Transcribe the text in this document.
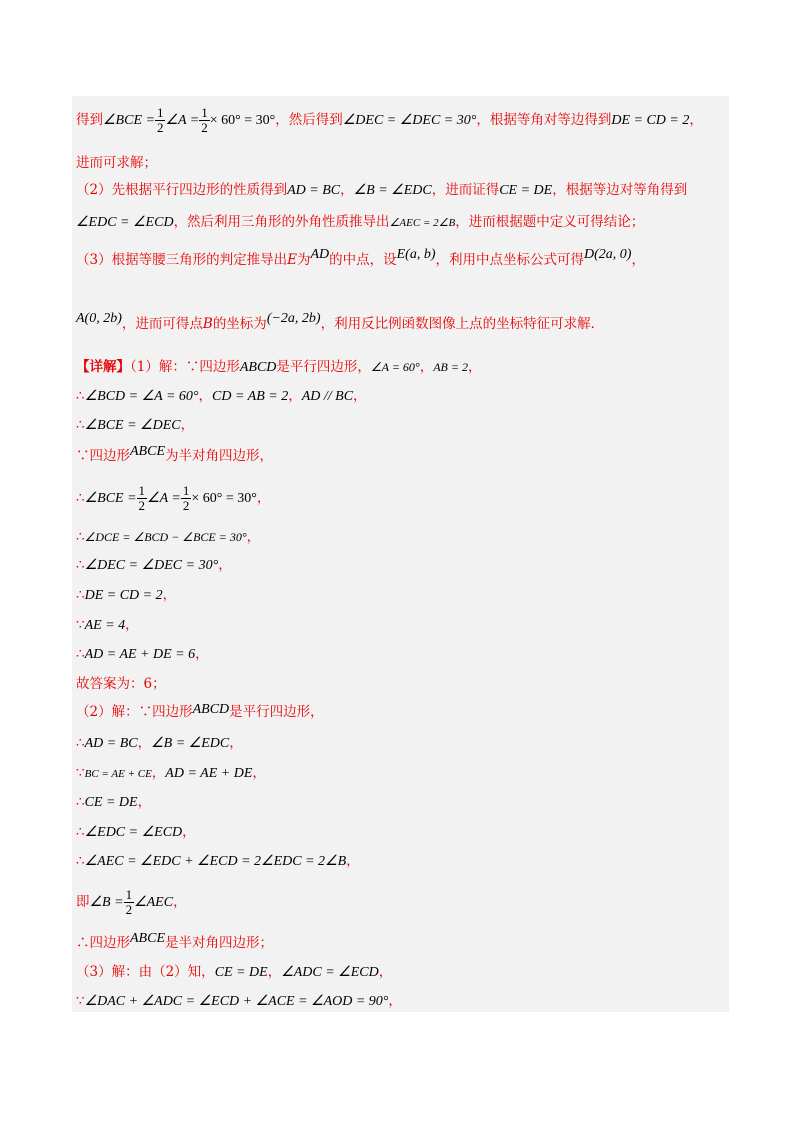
得到∠BCE = $\frac{1}{2}$ ∠A = $\frac{1}{2} \times 60^\circ = 30^\circ$，然后得到∠DEC = ∠DEC = 30°，根据等角对等边得到DE = CD = 2，
进而可求解；
（2）先根据平行四边形的性质得到AD = BC，∠B = ∠EDC，进而证得CE = DE，根据等边对等角得到
∠EDC = ∠ECD，然后利用三角形的外角性质推导出∠AEC = 2∠B，进而根据题中定义可得结论；
（3）根据等腰三角形的判定推导出E为AD的中点，设E(a, b)，利用中点坐标公式可得D(2a, 0)，
A(0, 2b)，进而可得点B的坐标为(−2a, 2b)，利用反比例函数图像上点的坐标特征可求解．
【详解】（1）解：∵四边形ABCD是平行四边形，∠A = 60°，AB = 2，
∴∠BCD = ∠A = 60°，CD = AB = 2，AD // BC，
∴∠BCE = ∠DEC，
∵四边形ABCE为半对角四边形，
∴∠BCE = $\frac{1}{2}$ ∠A = $\frac{1}{2} \times 60^\circ = 30^\circ$，
∴∠DCE = ∠BCD − ∠BCE = 30°，
∴∠DEC = ∠DEC = 30°，
∴DE = CD = 2，
∵AE = 4，
∴AD = AE + DE = 6，
故答案为：6；
（2）解：∵四边形ABCD是平行四边形，
∴AD = BC，∠B = ∠EDC，
∵BC = AE + CE，AD = AE + DE，
∴CE = DE，
∴∠EDC = ∠ECD，
∴∠AEC = ∠EDC + ∠ECD = 2∠EDC = 2∠B，
即∠B = $\frac{1}{2}$ ∠AEC，
∴四边形ABCE是半对角四边形；
（3）解：由（2）知，CE = DE，∠ADC = ∠ECD，
∵∠DAC + ∠ADC = ∠ECD + ∠ACE = ∠AOD = 90°，
